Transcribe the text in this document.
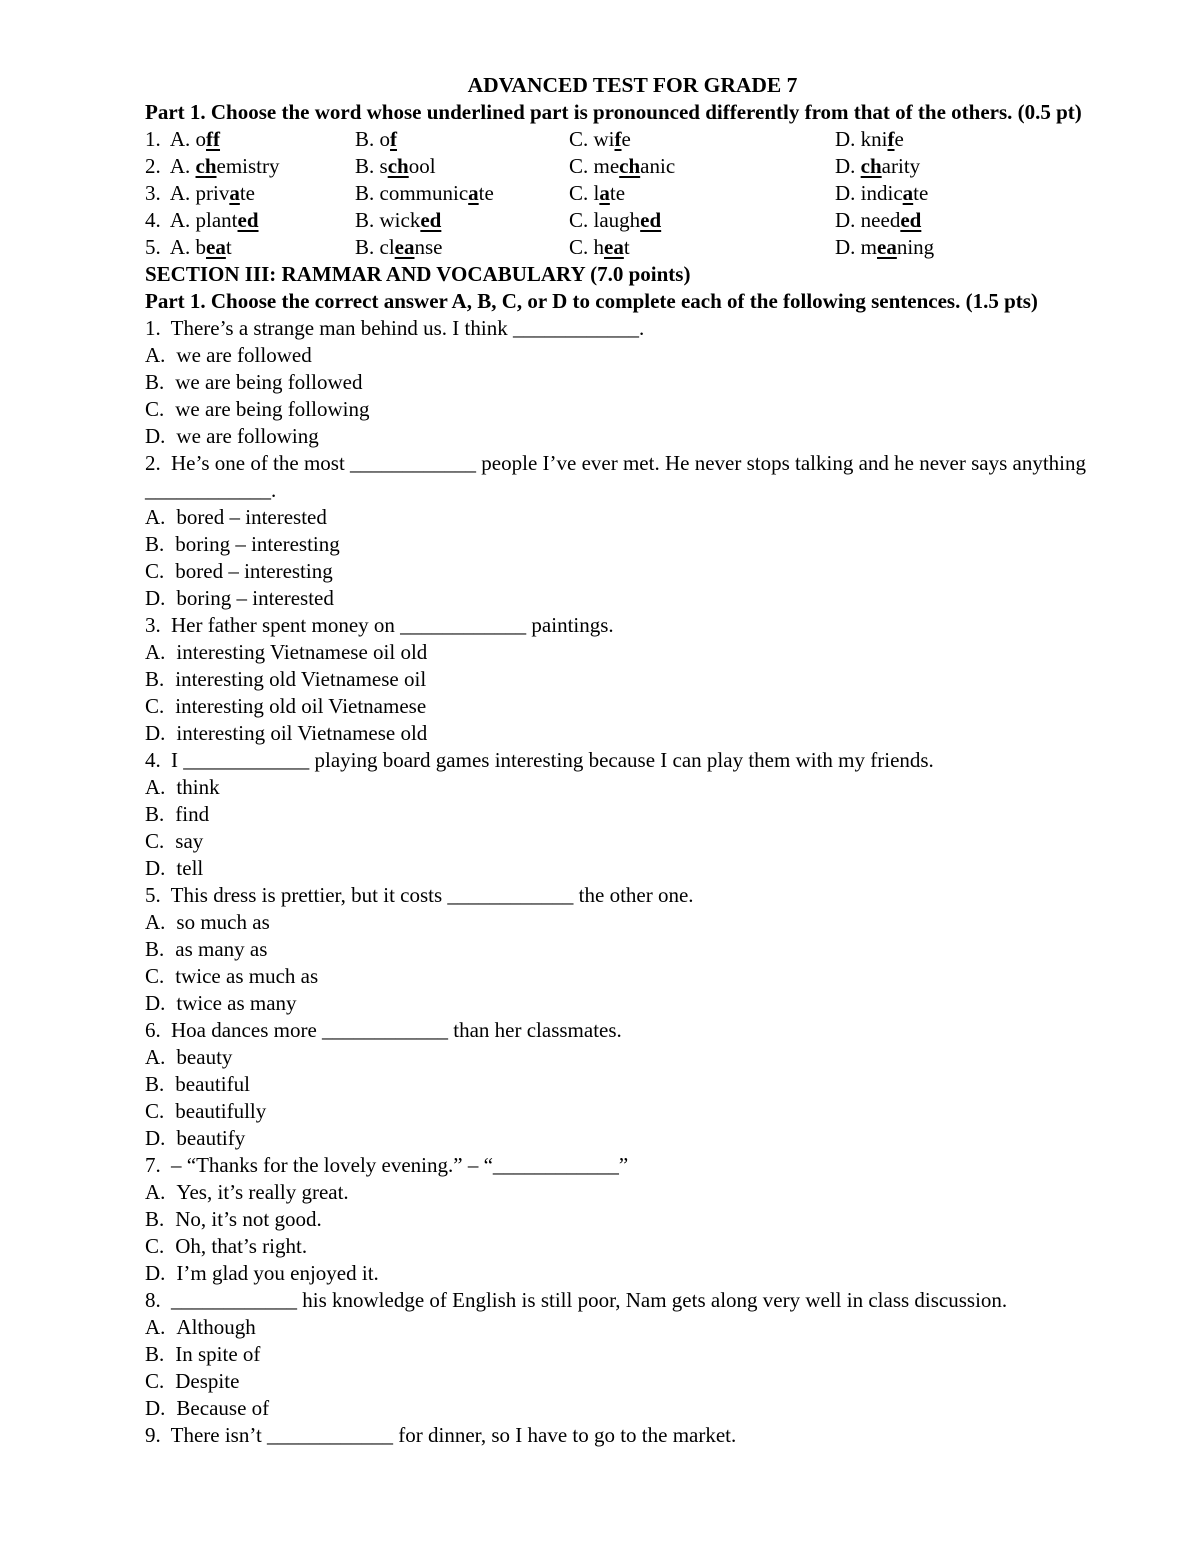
ADVANCED TEST FOR GRADE 7

Part 1. Choose the word whose underlined part is pronounced differently from that of the others. (0.5 pt)

1. A. off	B. of	C. wife	D. knife
2. A. chemistry	B. school	C. mechanic	D. charity
3. A. private	B. communicate	C. late	D. indicate
4. A. planted	B. wicked	C. laughed	D. needed
5. A. beat	B. cleanse	C. heat	D. meaning

SECTION III: RAMMAR AND VOCABULARY (7.0 points)

Part 1. Choose the correct answer A, B, C, or D to complete each of the following sentences. (1.5 pts)

1. There’s a strange man behind us. I think ____________.

A. we are followed

B. we are being followed

C. we are being following

D. we are following

2. He’s one of the most ____________ people I’ve ever met. He never stops talking and he never says anything ____________.

A. bored – interested

B. boring – interesting

C. bored – interesting

D. boring – interested

3. Her father spent money on ____________ paintings.

A. interesting Vietnamese oil old

B. interesting old Vietnamese oil

C. interesting old oil Vietnamese

D. interesting oil Vietnamese old

4. I ____________ playing board games interesting because I can play them with my friends.

A. think

B. find

C. say

D. tell

5. This dress is prettier, but it costs ____________ the other one.

A. so much as

B. as many as

C. twice as much as

D. twice as many

6. Hoa dances more ____________ than her classmates.

A. beauty

B. beautiful

C. beautifully

D. beautify

7. – “Thanks for the lovely evening.” – “____________”

A. Yes, it’s really great.

B. No, it’s not good.

C. Oh, that’s right.

D. I’m glad you enjoyed it.

8. ____________ his knowledge of English is still poor, Nam gets along very well in class discussion.

A. Although

B. In spite of

C. Despite

D. Because of

9. There isn’t ____________ for dinner, so I have to go to the market.
